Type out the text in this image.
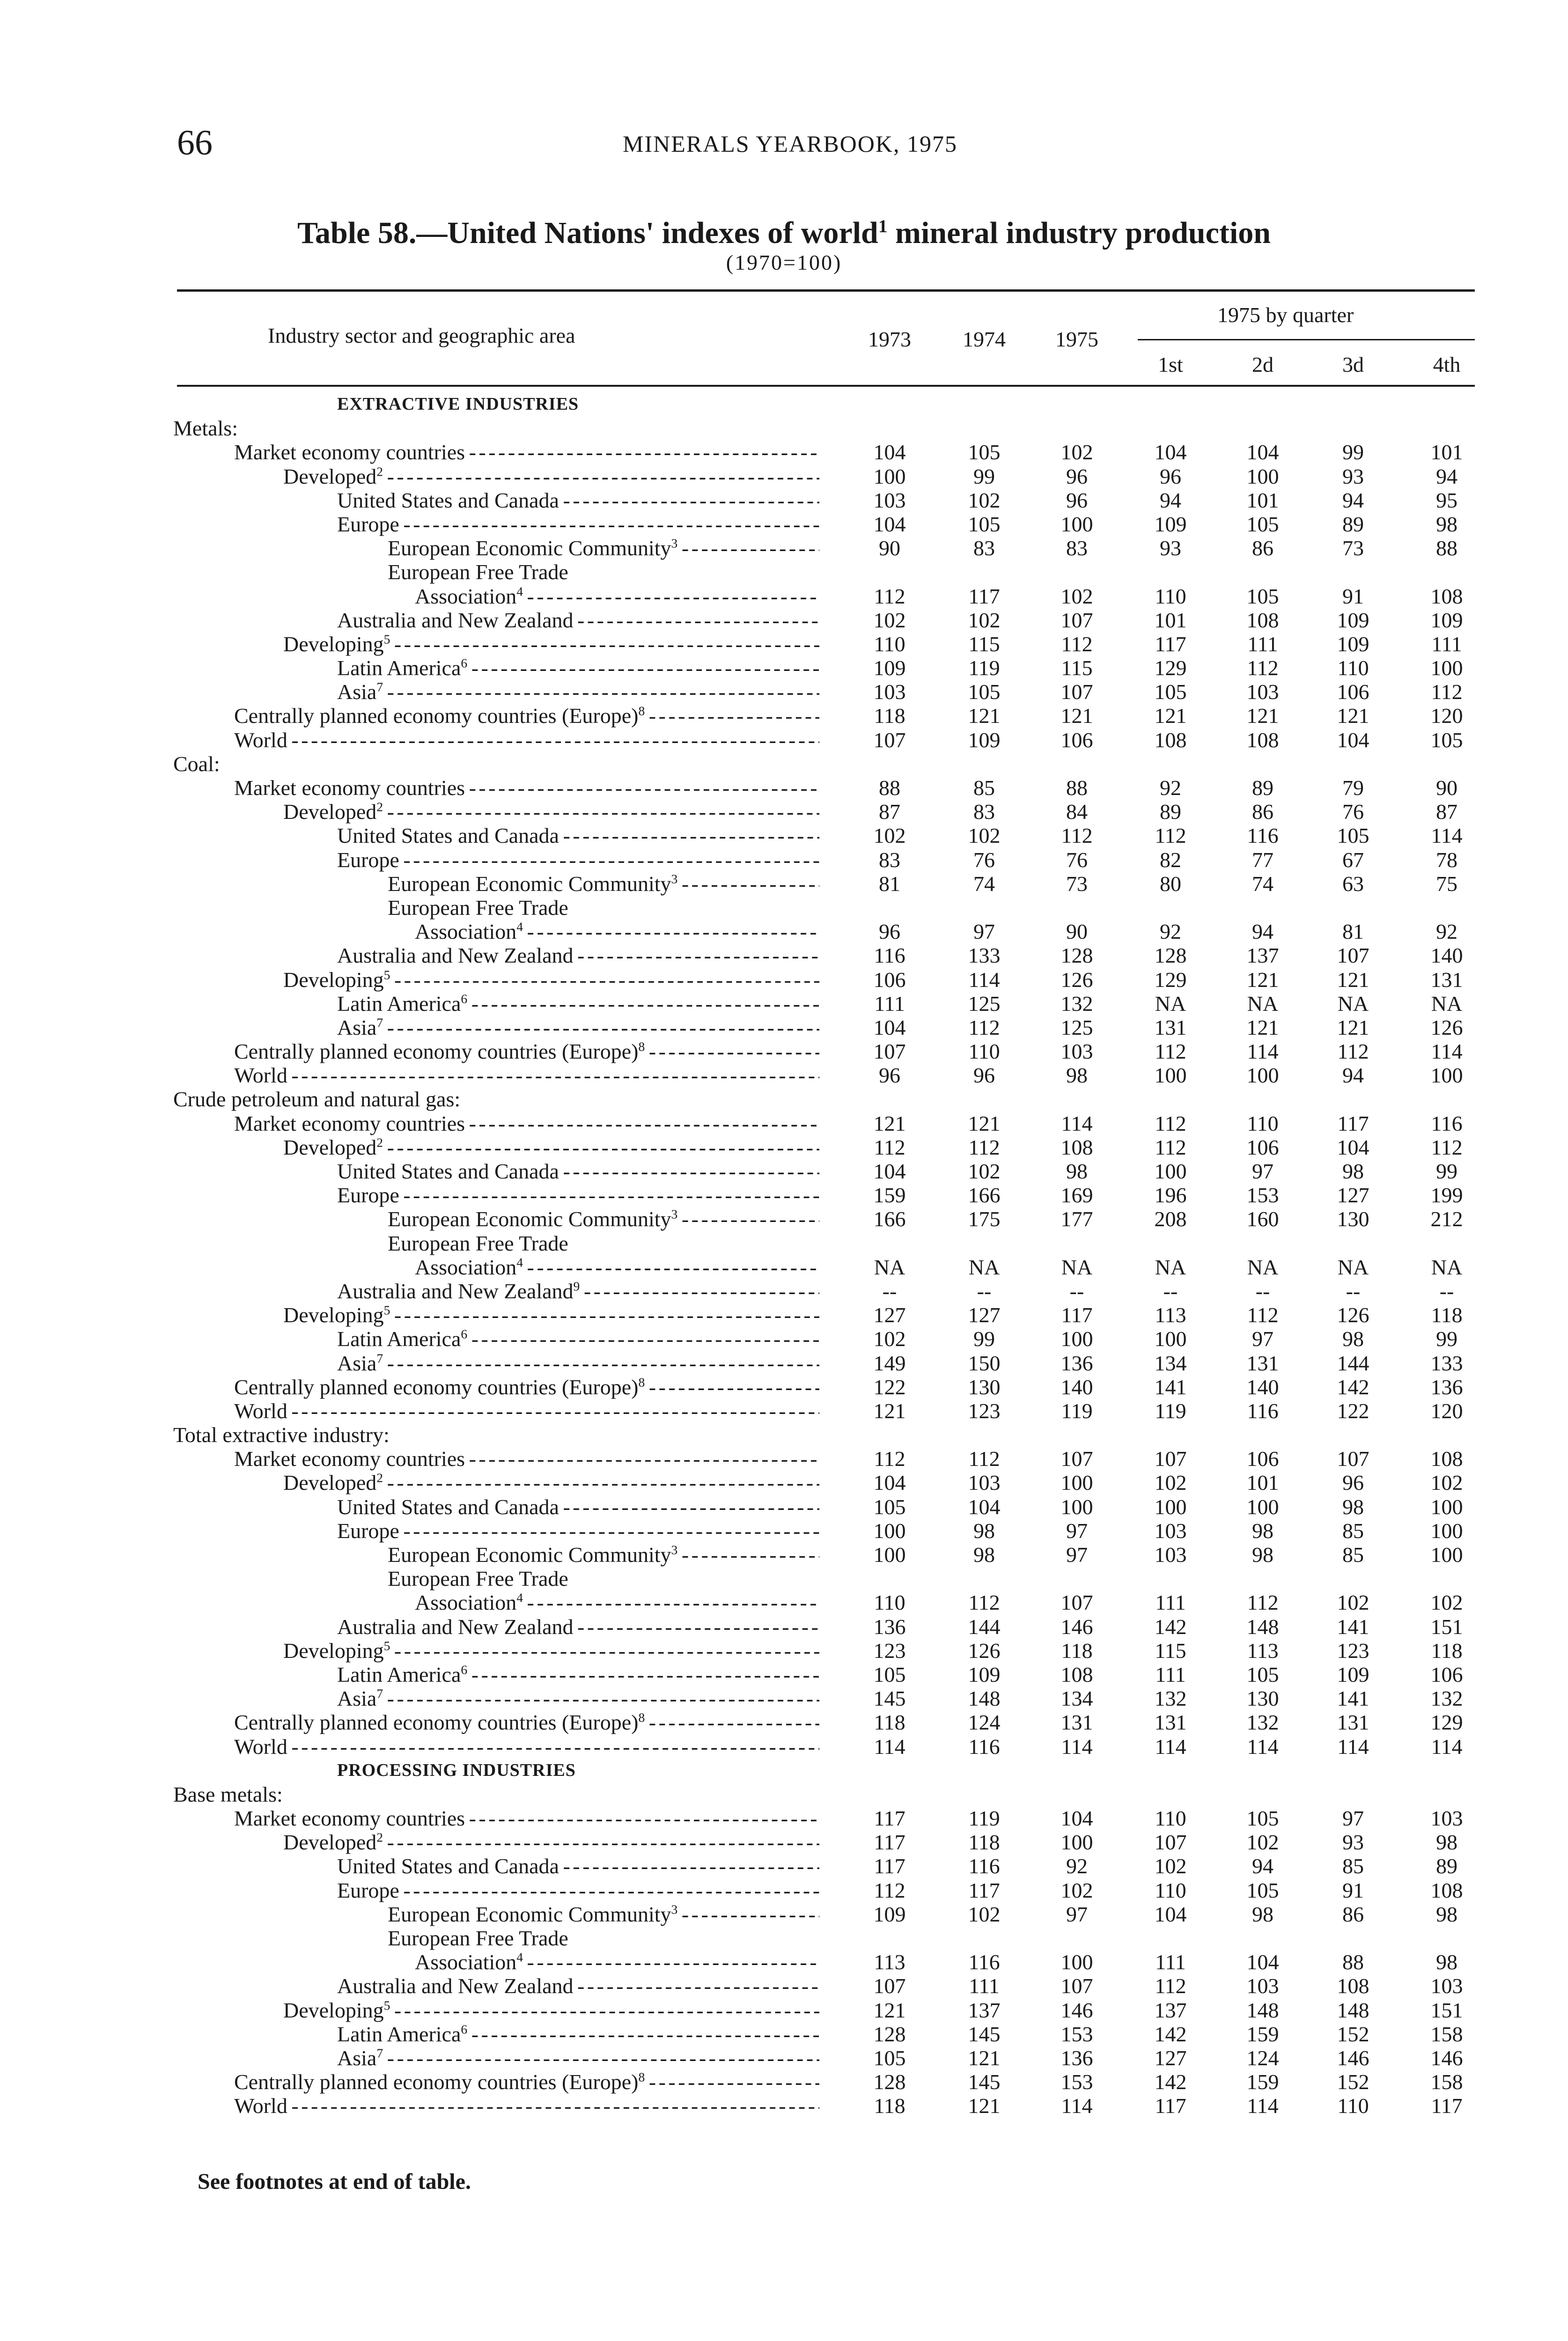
66	MINERALS YEARBOOK, 1975
Table 58.—United Nations' indexes of world$^1$ mineral industry production
(1970=100)
Industry sector and geographic area	1973	1974	1975
1975 by quarter
1st	2d	3d	4th
EXTRACTIVE INDUSTRIES
Metals:
Market economy countries - - -	104	105	102	104	104	99	101
Developed$^2$ - - -	100	99	96	96	100	93	94
United States and Canada - - -	103	102	96	94	101	94	95
Europe - - -	104	105	100	109	105	89	98
European Economic Community$^3$ - - -	90	83	83	93	86	73	88
European Free Trade
Association$^4$ - - -	112	117	102	110	105	91	108
Australia and New Zealand - - -	102	102	107	101	108	109	109
Developing$^5$ - - -	110	115	112	117	111	109	111
Latin America$^6$ - - -	109	119	115	129	112	110	100
Asia$^7$ - - -	103	105	107	105	103	106	112
Centrally planned economy countries (Europe)$^8$ - - -	118	121	121	121	121	121	120
World - - -	107	109	106	108	108	104	105
Coal:
Market economy countries - - -	88	85	88	92	89	79	90
Developed$^2$ - - -	87	83	84	89	86	76	87
United States and Canada - - -	102	102	112	112	116	105	114
Europe - - -	83	76	76	82	77	67	78
European Economic Community$^3$ - - -	81	74	73	80	74	63	75
European Free Trade
Association$^4$ - - -	96	97	90	92	94	81	92
Australia and New Zealand - - -	116	133	128	128	137	107	140
Developing$^5$ - - -	106	114	126	129	121	121	131
Latin America$^6$ - - -	111	125	132	NA	NA	NA	NA
Asia$^7$ - - -	104	112	125	131	121	121	126
Centrally planned economy countries (Europe)$^8$ - - -	107	110	103	112	114	112	114
World - - -	96	96	98	100	100	94	100
Crude petroleum and natural gas:
Market economy countries - - -	121	121	114	112	110	117	116
Developed$^2$ - - -	112	112	108	112	106	104	112
United States and Canada - - -	104	102	98	100	97	98	99
Europe - - -	159	166	169	196	153	127	199
European Economic Community$^3$ - - -	166	175	177	208	160	130	212
European Free Trade
Association$^4$ - - -	NA	NA	NA	NA	NA	NA	NA
Australia and New Zealand$^9$ - - -	--	--	--	--	--	--	--
Developing$^5$ - - -	127	127	117	113	112	126	118
Latin America$^6$ - - -	102	99	100	100	97	98	99
Asia$^7$ - - -	149	150	136	134	131	144	133
Centrally planned economy countries (Europe)$^8$ - - -	122	130	140	141	140	142	136
World - - -	121	123	119	119	116	122	120
Total extractive industry:
Market economy countries - - -	112	112	107	107	106	107	108
Developed$^2$ - - -	104	103	100	102	101	96	102
United States and Canada - - -	105	104	100	100	100	98	100
Europe - - -	100	98	97	103	98	85	100
European Economic Community$^3$ - - -	100	98	97	103	98	85	100
European Free Trade
Association$^4$ - - -	110	112	107	111	112	102	102
Australia and New Zealand - - -	136	144	146	142	148	141	151
Developing$^5$ - - -	123	126	118	115	113	123	118
Latin America$^6$ - - -	105	109	108	111	105	109	106
Asia$^7$ - - -	145	148	134	132	130	141	132
Centrally planned economy countries (Europe)$^8$ - - -	118	124	131	131	132	131	129
World - - -	114	116	114	114	114	114	114
PROCESSING INDUSTRIES
Base metals:
Market economy countries - - -	117	119	104	110	105	97	103
Developed$^2$ - - -	117	118	100	107	102	93	98
United States and Canada - - -	117	116	92	102	94	85	89
Europe - - -	112	117	102	110	105	91	108
European Economic Community$^3$ - - -	109	102	97	104	98	86	98
European Free Trade
Association$^4$ - - -	113	116	100	111	104	88	98
Australia and New Zealand - - -	107	111	107	112	103	108	103
Developing$^5$ - - -	121	137	146	137	148	148	151
Latin America$^6$ - - -	128	145	153	142	159	152	158
Asia$^7$ - - -	105	121	136	127	124	146	146
Centrally planned economy countries (Europe)$^8$ - - -	128	145	153	142	159	152	158
World - - -	118	121	114	117	114	110	117
See footnotes at end of table.
